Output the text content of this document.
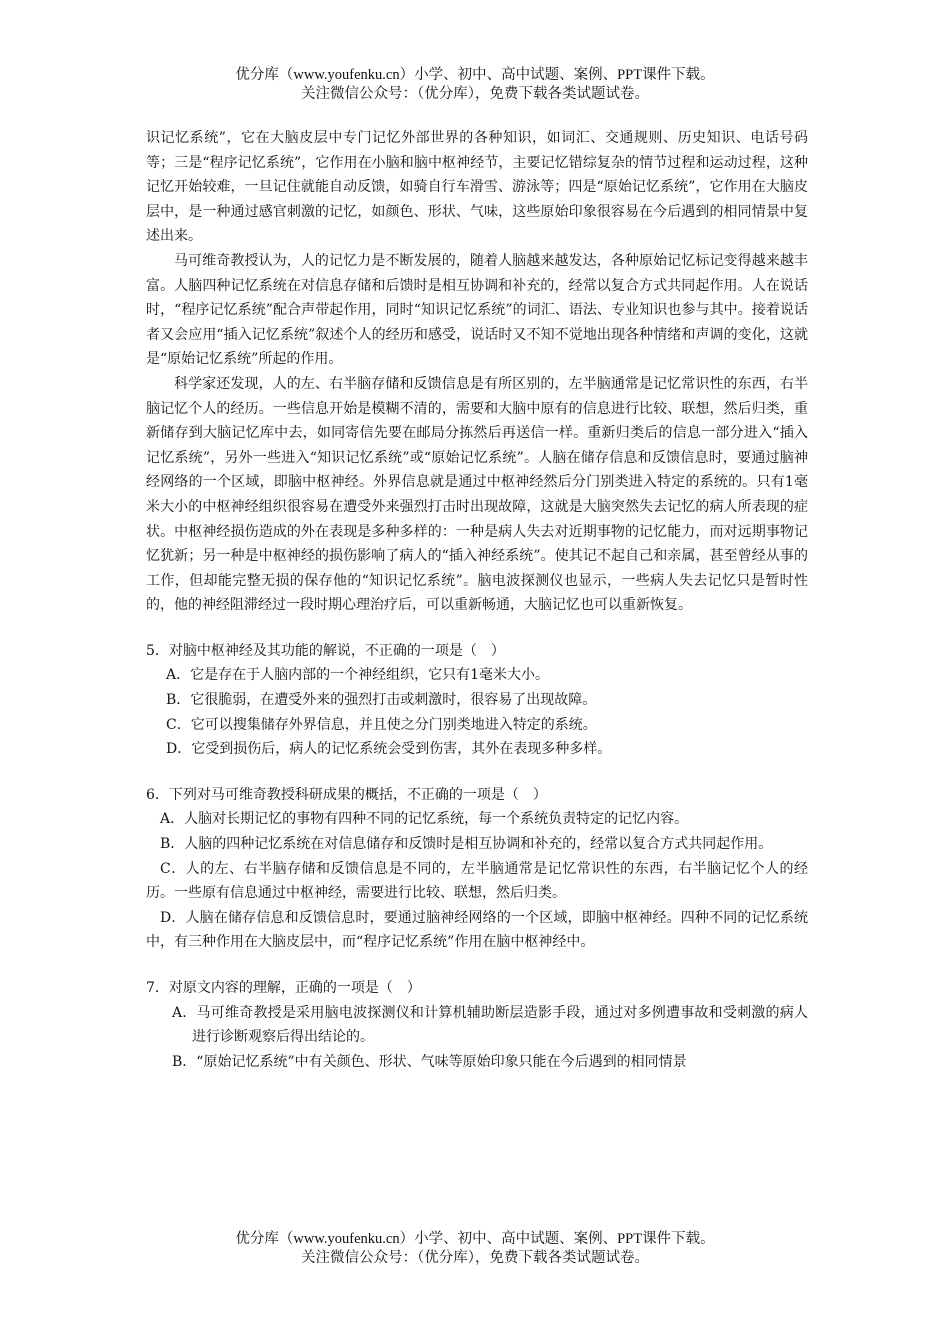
优分库（www.youfenku.cn）小学、初中、高中试题、案例、PPT课件下载。
关注微信公众号：（优分库），免费下载各类试题试卷。

识记忆系统”，它在大脑皮层中专门记忆外部世界的各种知识，如词汇、交通规则、历史知识、电话号码等；三是“程序记忆系统”，它作用在小脑和脑中枢神经节，主要记忆错综复杂的情节过程和运动过程，这种记忆开始较难，一旦记住就能自动反馈，如骑自行车滑雪、游泳等；四是“原始记忆系统”，它作用在大脑皮层中，是一种通过感官刺激的记忆，如颜色、形状、气味，这些原始印象很容易在今后遇到的相同情景中复述出来。

马可维奇教授认为，人的记忆力是不断发展的，随着人脑越来越发达，各种原始记忆标记变得越来越丰富。人脑四种记忆系统在对信息存储和后馈时是相互协调和补充的，经常以复合方式共同起作用。人在说话时，“程序记忆系统”配合声带起作用，同时“知识记忆系统”的词汇、语法、专业知识也参与其中。接着说话者又会应用“插入记忆系统”叙述个人的经历和感受，说话时又不知不觉地出现各种情绪和声调的变化，这就是“原始记忆系统”所起的作用。

科学家还发现，人的左、右半脑存储和反馈信息是有所区别的，左半脑通常是记忆常识性的东西，右半脑记忆个人的经历。一些信息开始是模糊不清的，需要和大脑中原有的信息进行比较、联想，然后归类，重新储存到大脑记忆库中去，如同寄信先要在邮局分拣然后再送信一样。重新归类后的信息一部分进入“插入记忆系统”，另外一些进入“知识记忆系统”或“原始记忆系统”。人脑在储存信息和反馈信息时，要通过脑神经网络的一个区域，即脑中枢神经。外界信息就是通过中枢神经然后分门别类进入特定的系统的。只有1毫米大小的中枢神经组织很容易在遭受外来强烈打击时出现故障，这就是大脑突然失去记忆的病人所表现的症状。中枢神经损伤造成的外在表现是多种多样的：一种是病人失去对近期事物的记忆能力，而对远期事物记忆犹新；另一种是中枢神经的损伤影响了病人的“插入神经系统”。使其记不起自己和亲属，甚至曾经从事的工作，但却能完整无损的保存他的“知识记忆系统”。脑电波探测仪也显示，一些病人失去记忆只是暂时性的，他的神经阻滞经过一段时期心理治疗后，可以重新畅通，大脑记忆也可以重新恢复。

5．对脑中枢神经及其功能的解说，不正确的一项是（　）

A．它是存在于人脑内部的一个神经组织，它只有1毫米大小。

B．它很脆弱，在遭受外来的强烈打击或刺激时，很容易了出现故障。

C．它可以搜集储存外界信息，并且使之分门别类地进入特定的系统。

D．它受到损伤后，病人的记忆系统会受到伤害，其外在表现多种多样。

6．下列对马可维奇教授科研成果的概括，不正确的一项是（　）

A．人脑对长期记忆的事物有四种不同的记忆系统，每一个系统负责特定的记忆内容。

B．人脑的四种记忆系统在对信息储存和反馈时是相互协调和补充的，经常以复合方式共同起作用。

C．人的左、右半脑存储和反馈信息是不同的，左半脑通常是记忆常识性的东西，右半脑记忆个人的经历。一些原有信息通过中枢神经，需要进行比较、联想，然后归类。

D．人脑在储存信息和反馈信息时，要通过脑神经网络的一个区域，即脑中枢神经。四种不同的记忆系统中，有三种作用在大脑皮层中，而“程序记忆系统”作用在脑中枢神经中。

7．对原文内容的理解，正确的一项是（　）

A．马可维奇教授是采用脑电波探测仪和计算机辅助断层造影手段，通过对多例遭事故和受刺激的病人进行诊断观察后得出结论的。

B．“原始记忆系统”中有关颜色、形状、气味等原始印象只能在今后遇到的相同情景

优分库（www.youfenku.cn）小学、初中、高中试题、案例、PPT课件下载。
关注微信公众号：（优分库），免费下载各类试题试卷。
